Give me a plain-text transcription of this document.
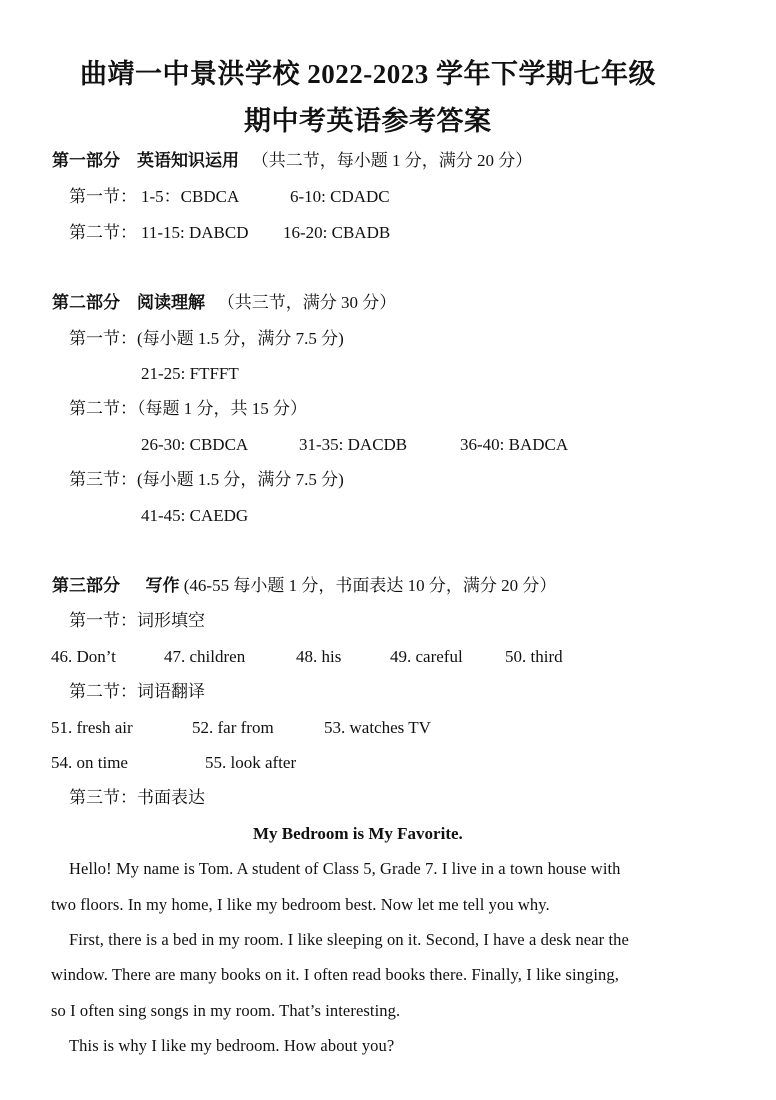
曲靖一中景洪学校 2022-2023 学年下学期七年级
期中考英语参考答案
第一部分 英语知识运用 （共二节，每小题 1 分，满分 20 分）
第一节： 1-5：CBDCA	6-10: CDADC
第二节： 11-15: DABCD 16-20: CBADB
第二部分 阅读理解 （共三节，满分 30 分）
第一节：(每小题 1.5 分，满分 7.5 分)
21-25: FTFFT
第二节：（每题 1 分，共 15 分）
26-30: CBDCA	31-35: DACDB	36-40: BADCA
第三节：(每小题 1.5 分，满分 7.5 分)
41-45: CAEDG
第三部分 写作 (46-55 每小题 1 分，书面表达 10 分，满分 20 分）
第一节：词形填空
46. Don’t	47. children	48. his	49. careful 50. third
第二节：词语翻译
51. fresh air	52. far from	53. watches TV
54. on time	55. look after
第三节：书面表达
My Bedroom is My Favorite.
Hello! My name is Tom. A student of Class 5, Grade 7. I live in a town house with
two floors. In my home, I like my bedroom best. Now let me tell you why.
First, there is a bed in my room. I like sleeping on it. Second, I have a desk near the
window. There are many books on it. I often read books there. Finally, I like singing,
so I often sing songs in my room. That’s interesting.
This is why I like my bedroom. How about you?
